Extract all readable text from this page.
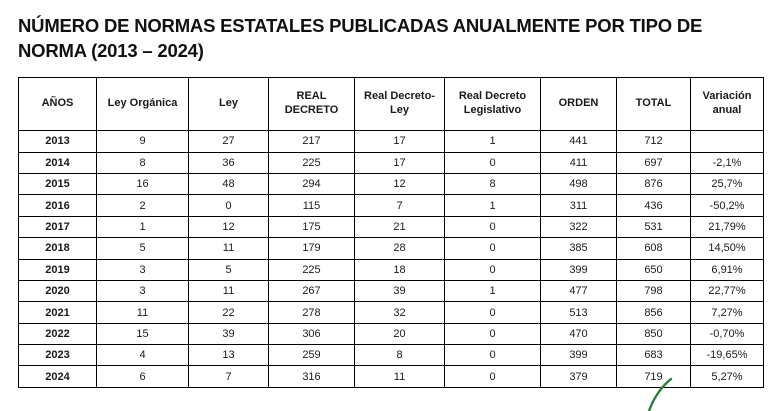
NÚMERO DE NORMAS ESTATALES PUBLICADAS ANUALMENTE POR TIPO DE NORMA (2013 – 2024)
AÑOS	Ley Orgánica	Ley	REAL DECRETO	Real Decreto-Ley	Real Decreto Legislativo	ORDEN	TOTAL	Variación anual
2013	9	27	217	17	1	441	712	
2014	8	36	225	17	0	411	697	-2,1%
2015	16	48	294	12	8	498	876	25,7%
2016	2	0	115	7	1	311	436	-50,2%
2017	1	12	175	21	0	322	531	21,79%
2018	5	11	179	28	0	385	608	14,50%
2019	3	5	225	18	0	399	650	6,91%
2020	3	11	267	39	1	477	798	22,77%
2021	11	22	278	32	0	513	856	7,27%
2022	15	39	306	20	0	470	850	-0,70%
2023	4	13	259	8	0	399	683	-19,65%
2024	6	7	316	11	0	379	719	5,27%
